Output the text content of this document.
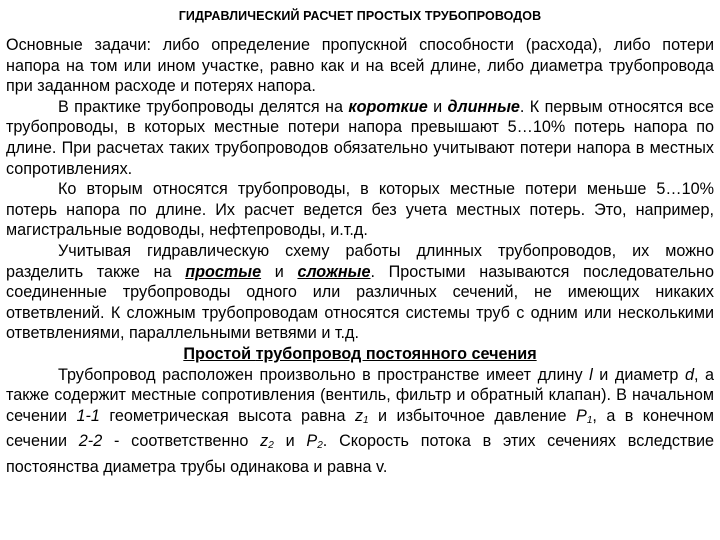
ГИДРАВЛИЧЕСКИЙ РАСЧЕТ ПРОСТЫХ ТРУБОПРОВОДОВ

Основные задачи: либо определение пропускной способности (расхода), либо потери напора на том или ином участке, равно как и на всей длине, либо диаметра трубопровода при заданном расходе и потерях напора.

В практике трубопроводы делятся на короткие и длинные. К первым относятся все трубопроводы, в которых местные потери напора превышают 5…10% потерь напора по длине. При расчетах таких трубопроводов обязательно учитывают потери напора в местных сопротивлениях.

Ко вторым относятся трубопроводы, в которых местные потери меньше 5…10% потерь напора по длине. Их расчет ведется без учета местных потерь. Это, например, магистральные водоводы, нефтепроводы, и.т.д.

Учитывая гидравлическую схему работы длинных трубопроводов, их можно разделить также на простые и сложные. Простыми называются последовательно соединенные трубопроводы одного или различных сечений, не имеющих никаких ответвлений. К сложным трубопроводам относятся системы труб с одним или несколькими ответвлениями, параллельными ветвями и т.д.

Простой трубопровод постоянного сечения

Трубопровод расположен произвольно в пространстве имеет длину l и диаметр d, а также содержит местные сопротивления (вентиль, фильтр и обратный клапан). В начальном сечении 1-1 геометрическая высота равна $z_1$ и избыточное давление $P_1$, а в конечном сечении 2-2 - соответственно $z_2$ и $P_2$. Скорость потока в этих сечениях вследствие постоянства диаметра трубы одинакова и равна v.
